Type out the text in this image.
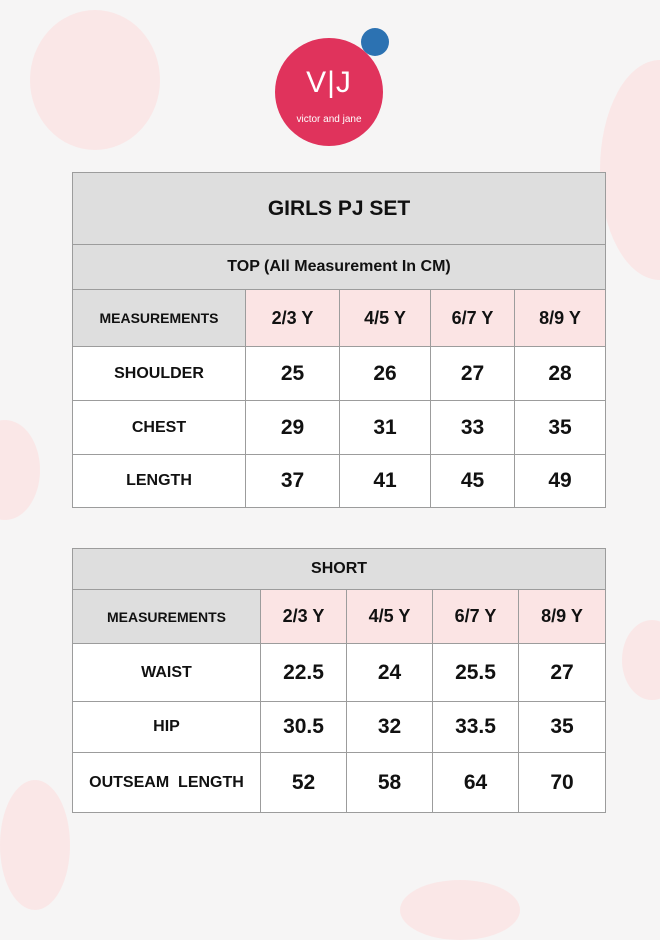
V|J
victor and jane
GIRLS PJ SET				
TOP (All Measurement In CM)				
MEASUREMENTS	2/3 Y	4/5 Y	6/7 Y	8/9 Y
SHOULDER	25	26	27	28
CHEST	29	31	33	35
LENGTH	37	41	45	49
SHORT				
MEASUREMENTS	2/3 Y	4/5 Y	6/7 Y	8/9 Y
WAIST	22.5	24	25.5	27
HIP	30.5	32	33.5	35
OUTSEAM  LENGTH	52	58	64	70
